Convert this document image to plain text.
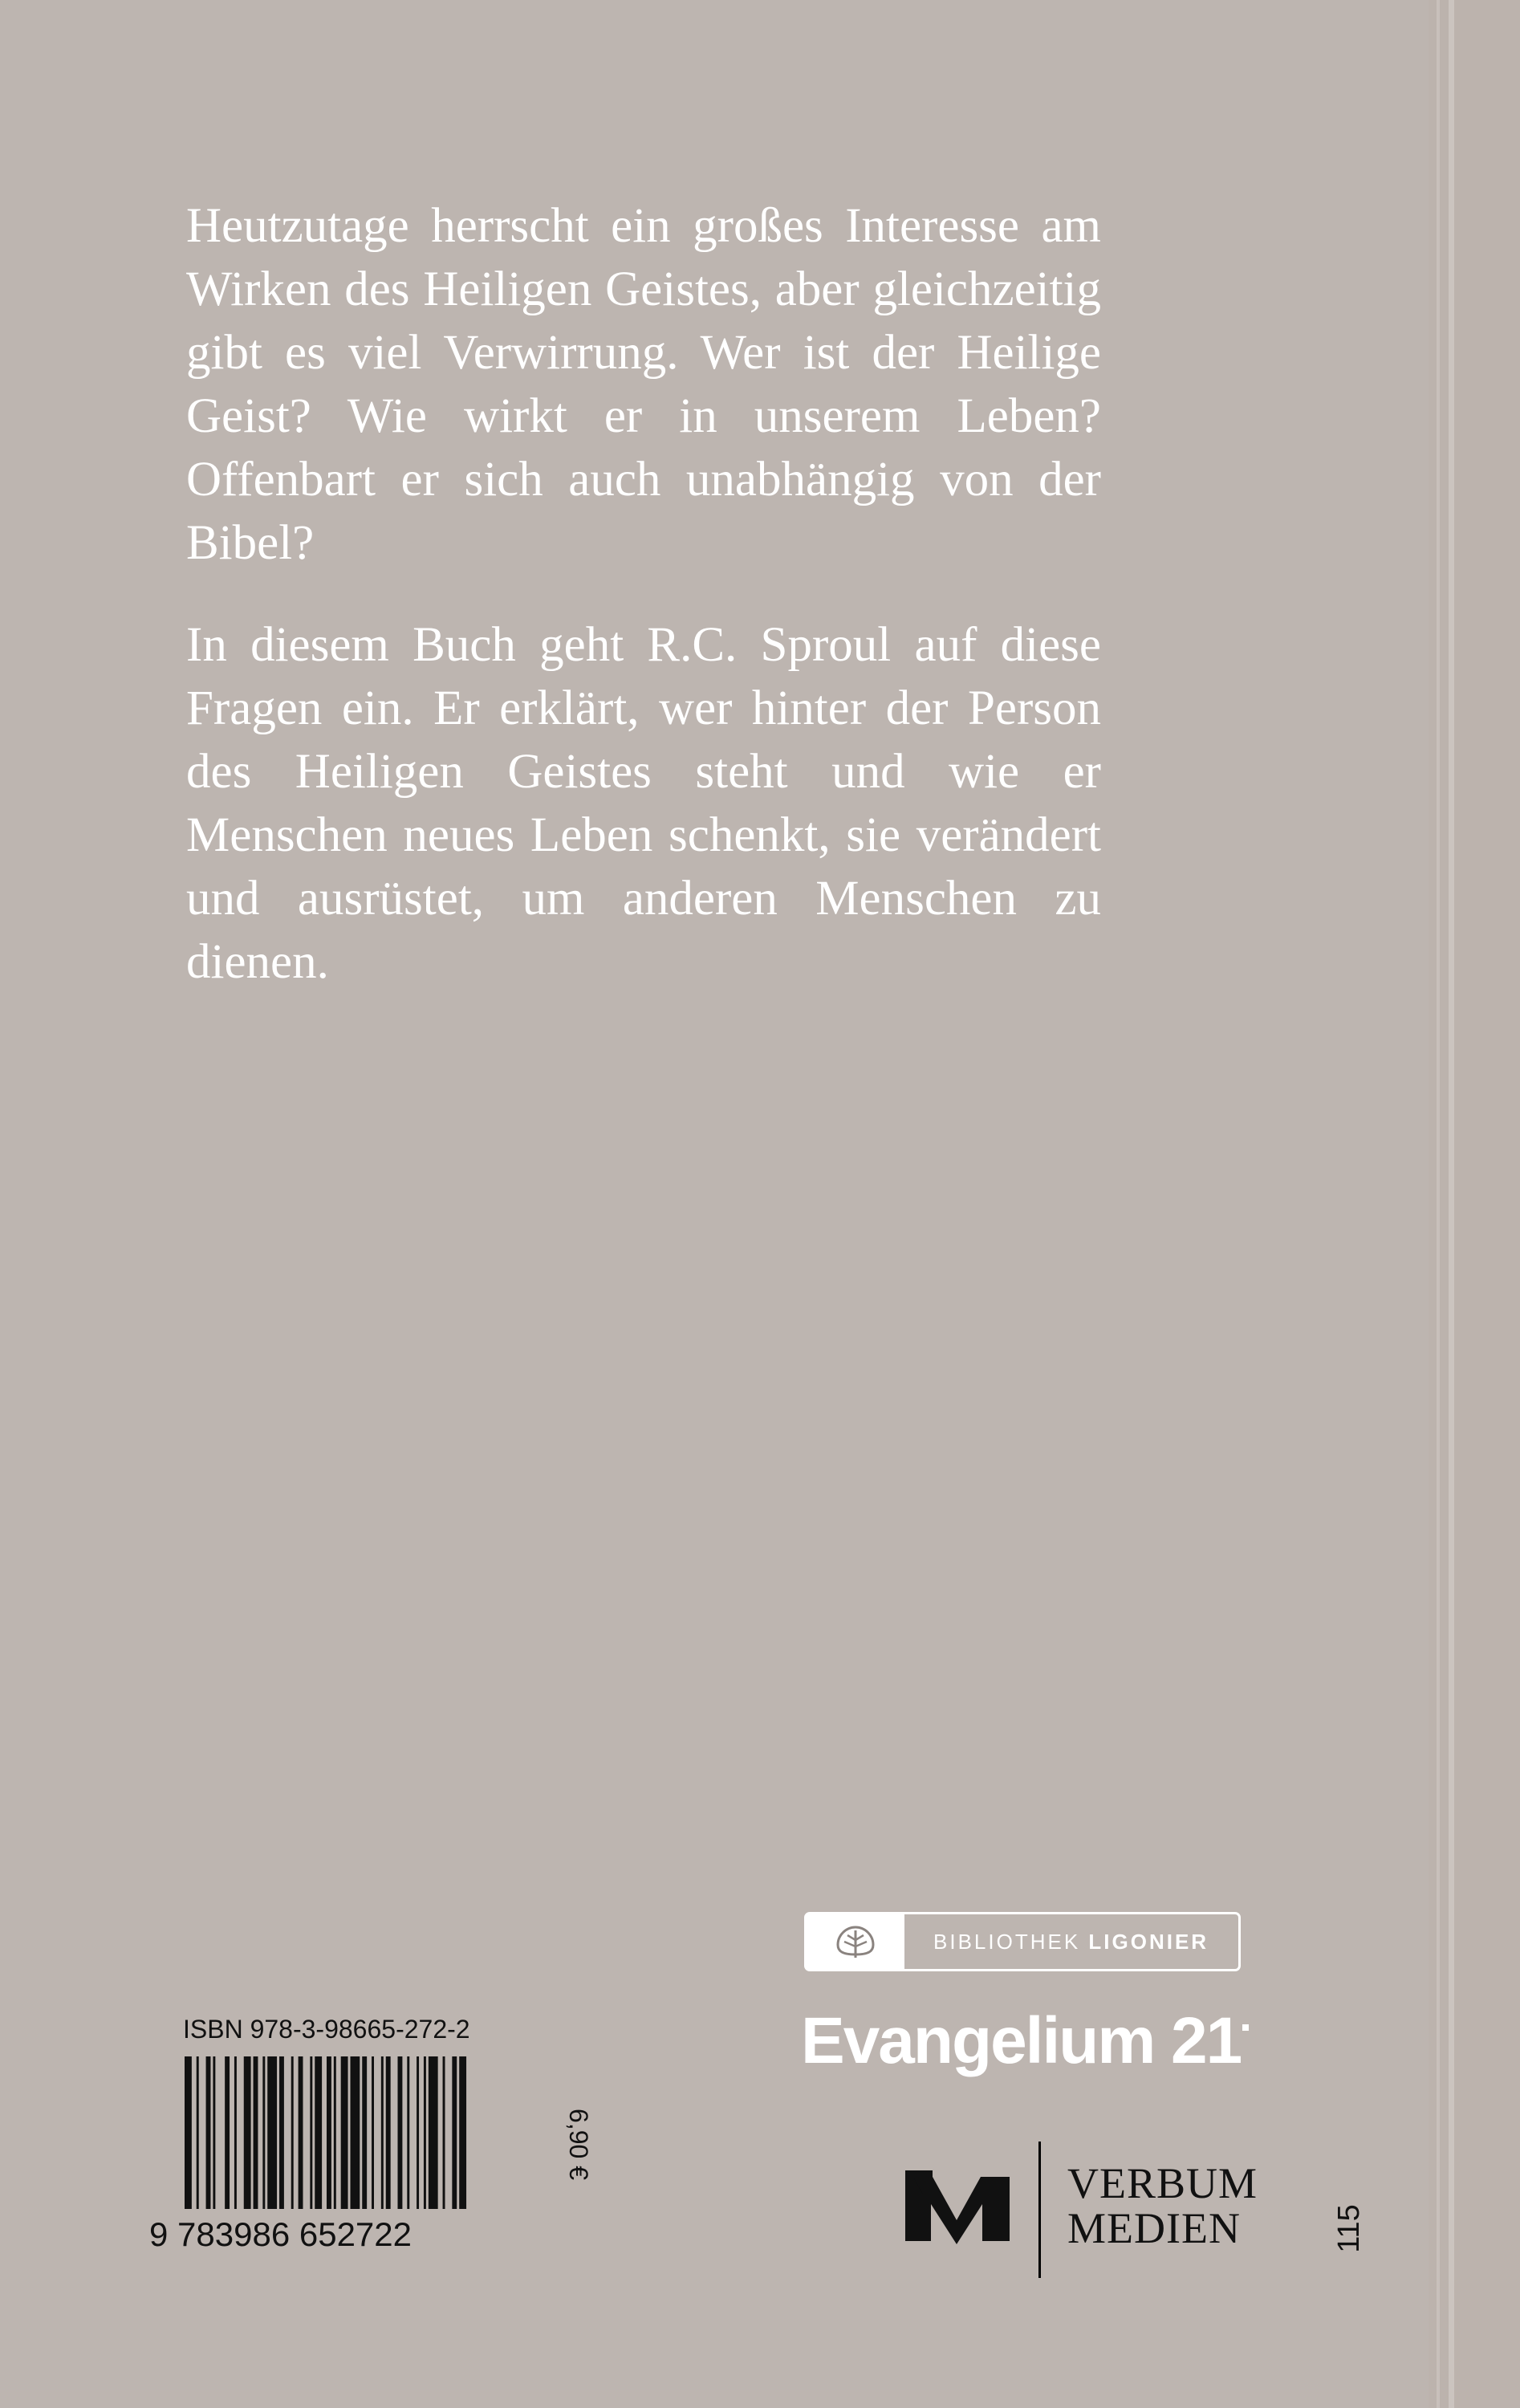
Heutzutage herrscht ein großes Interesse am Wirken des Heiligen Geistes, aber gleichzeitig gibt es viel Verwirrung. Wer ist der Heilige Geist? Wie wirkt er in unserem Leben? Offenbart er sich auch unabhängig von der Bibel?

In diesem Buch geht R.C. Sproul auf diese Fragen ein. Er erklärt, wer hinter der Person des Heiligen Geistes steht und wie er Menschen neues Leben schenkt, sie verändert und ausrüstet, um anderen Menschen zu dienen.

BIBLIOTHEK LIGONIER
Evangelium 21
VERBUM
MEDIEN
ISBN 978-3-98665-272-2
9 783986 652722
6,90 €
115
